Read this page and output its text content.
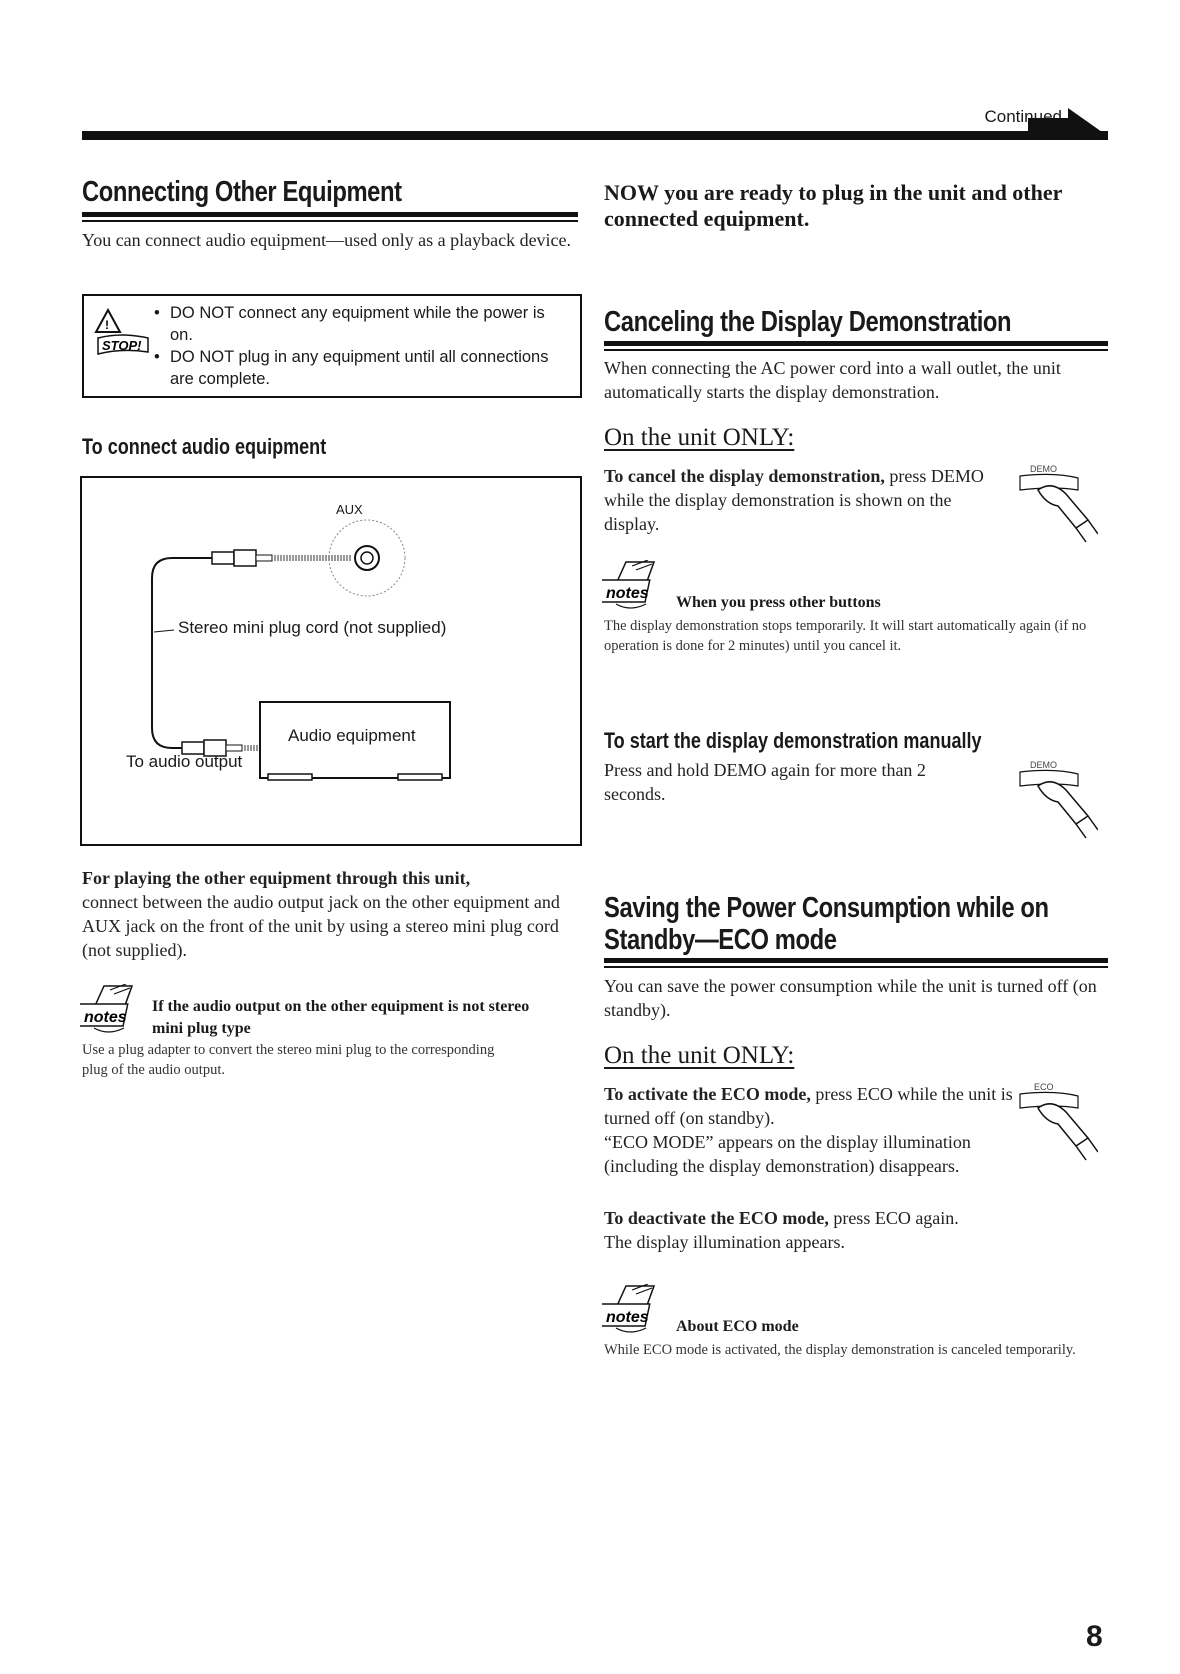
Continued
Connecting Other Equipment
You can connect audio equipment—used only as a playback device.
!
STOP!
• DO NOT connect any equipment while the power is on.
• DO NOT plug in any equipment until all connections are complete.
To connect audio equipment
AUX
Stereo mini plug cord (not supplied)
Audio equipment
To audio output
For playing the other equipment through this unit,
connect between the audio output jack on the other equipment and AUX jack on the front of the unit by using a stereo mini plug cord (not supplied).
notes
If the audio output on the other equipment is not stereo mini plug type
Use a plug adapter to convert the stereo mini plug to the corresponding plug of the audio output.
NOW you are ready to plug in the unit and other connected equipment.
Canceling the Display Demonstration
When connecting the AC power cord into a wall outlet, the unit automatically starts the display demonstration.
On the unit ONLY:
To cancel the display demonstration, press DEMO while the display demonstration is shown on the display.
DEMO
notes
When you press other buttons
The display demonstration stops temporarily. It will start automatically again (if no operation is done for 2 minutes) until you cancel it.
To start the display demonstration manually
Press and hold DEMO again for more than 2 seconds.
DEMO
Saving the Power Consumption while on
Standby—ECO mode
You can save the power consumption while the unit is turned off (on standby).
On the unit ONLY:
To activate the ECO mode, press ECO while the unit is turned off (on standby).
“ECO MODE” appears on the display illumination (including the display demonstration) disappears.
ECO
To deactivate the ECO mode, press ECO again.
The display illumination appears.
notes
About ECO mode
While ECO mode is activated, the display demonstration is canceled temporarily.
8
